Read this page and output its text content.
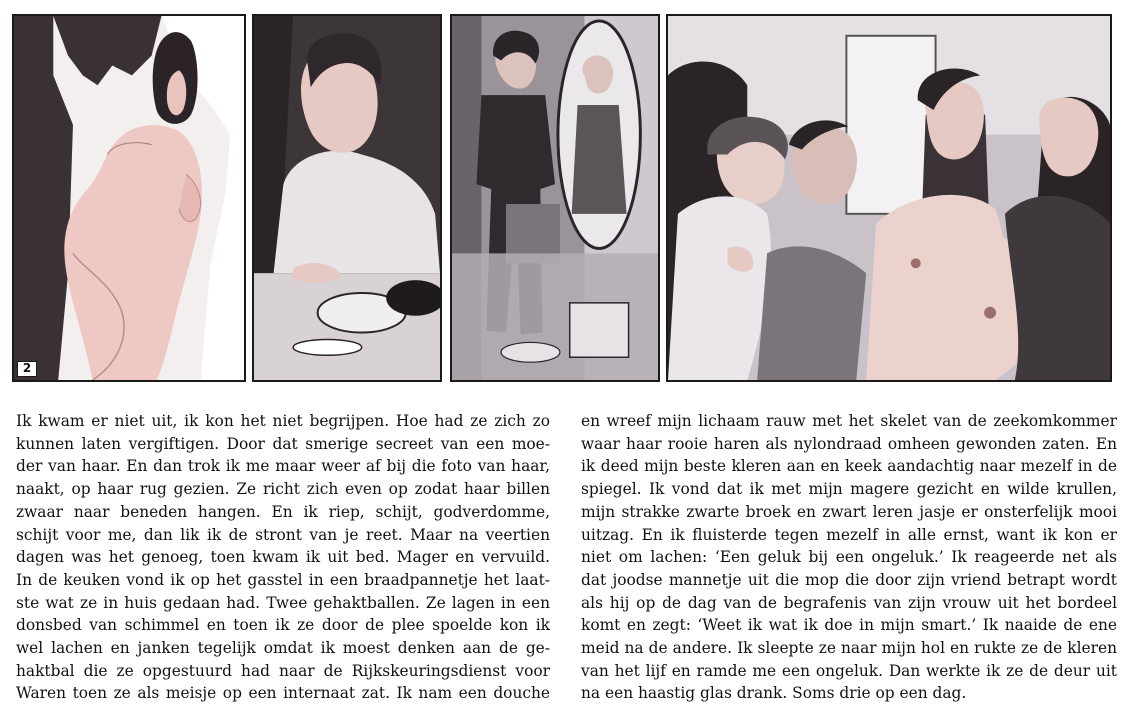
2
Ik kwam er niet uit, ik kon het niet begrijpen. Hoe had ze zich zo
kunnen laten vergiftigen. Door dat smerige secreet van een moe-
der van haar. En dan trok ik me maar weer af bij die foto van haar,
naakt, op haar rug gezien. Ze richt zich even op zodat haar billen
zwaar naar beneden hangen. En ik riep, schijt, godverdomme,
schijt voor me, dan lik ik de stront van je reet. Maar na veertien
dagen was het genoeg, toen kwam ik uit bed. Mager en vervuild.
In de keuken vond ik op het gasstel in een braadpannetje het laat-
ste wat ze in huis gedaan had. Twee gehaktballen. Ze lagen in een
donsbed van schimmel en toen ik ze door de plee spoelde kon ik
wel lachen en janken tegelijk omdat ik moest denken aan de ge-
haktbal die ze opgestuurd had naar de Rijkskeuringsdienst voor
Waren toen ze als meisje op een internaat zat. Ik nam een douche
en wreef mijn lichaam rauw met het skelet van de zeekomkommer
waar haar rooie haren als nylondraad omheen gewonden zaten. En
ik deed mijn beste kleren aan en keek aandachtig naar mezelf in de
spiegel. Ik vond dat ik met mijn magere gezicht en wilde krullen,
mijn strakke zwarte broek en zwart leren jasje er onsterfelijk mooi
uitzag. En ik fluisterde tegen mezelf in alle ernst, want ik kon er
niet om lachen: ‘Een geluk bij een ongeluk.’ Ik reageerde net als
dat joodse mannetje uit die mop die door zijn vriend betrapt wordt
als hij op de dag van de begrafenis van zijn vrouw uit het bordeel
komt en zegt: ‘Weet ik wat ik doe in mijn smart.’ Ik naaide de ene
meid na de andere. Ik sleepte ze naar mijn hol en rukte ze de kleren
van het lijf en ramde me een ongeluk. Dan werkte ik ze de deur uit
na een haastig glas drank. Soms drie op een dag.
